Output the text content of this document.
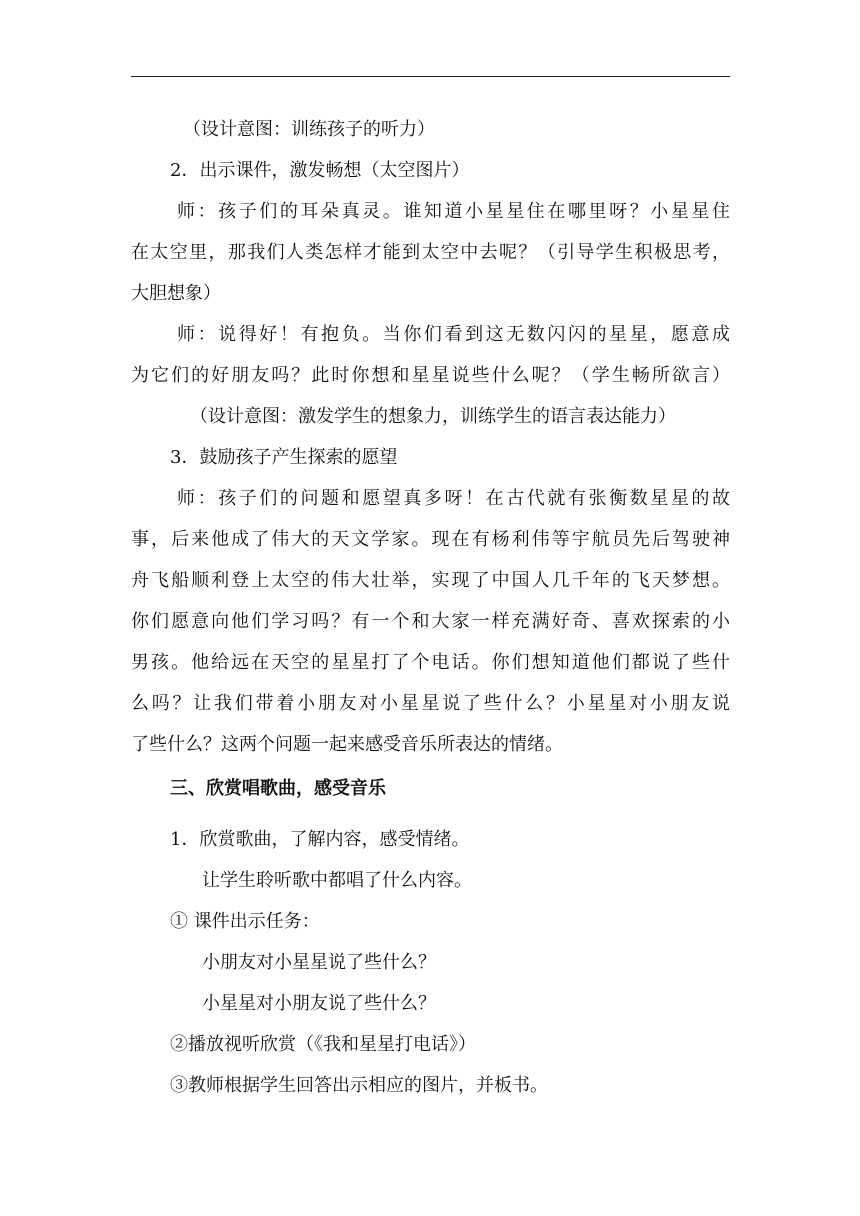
（设计意图：训练孩子的听力）
2．出示课件，激发畅想（太空图片）
师：孩子们的耳朵真灵。谁知道小星星住在哪里呀？小星星住
在太空里，那我们人类怎样才能到太空中去呢？（引导学生积极思考，
大胆想象）
师：说得好！有抱负。当你们看到这无数闪闪的星星，愿意成
为它们的好朋友吗？此时你想和星星说些什么呢？（学生畅所欲言）
（设计意图：激发学生的想象力，训练学生的语言表达能力）
3．鼓励孩子产生探索的愿望
师：孩子们的问题和愿望真多呀！在古代就有张衡数星星的故
事，后来他成了伟大的天文学家。现在有杨利伟等宇航员先后驾驶神
舟飞船顺利登上太空的伟大壮举，实现了中国人几千年的飞天梦想。
你们愿意向他们学习吗？有一个和大家一样充满好奇、喜欢探索的小
男孩。他给远在天空的星星打了个电话。你们想知道他们都说了些什
么吗？让我们带着小朋友对小星星说了些什么？小星星对小朋友说
了些什么？这两个问题一起来感受音乐所表达的情绪。
三、欣赏唱歌曲，感受音乐
1．欣赏歌曲，了解内容，感受情绪。
让学生聆听歌中都唱了什么内容。
① 课件出示任务：
小朋友对小星星说了些什么？
小星星对小朋友说了些什么？
②播放视听欣赏（《我和星星打电话》）
③教师根据学生回答出示相应的图片，并板书。
